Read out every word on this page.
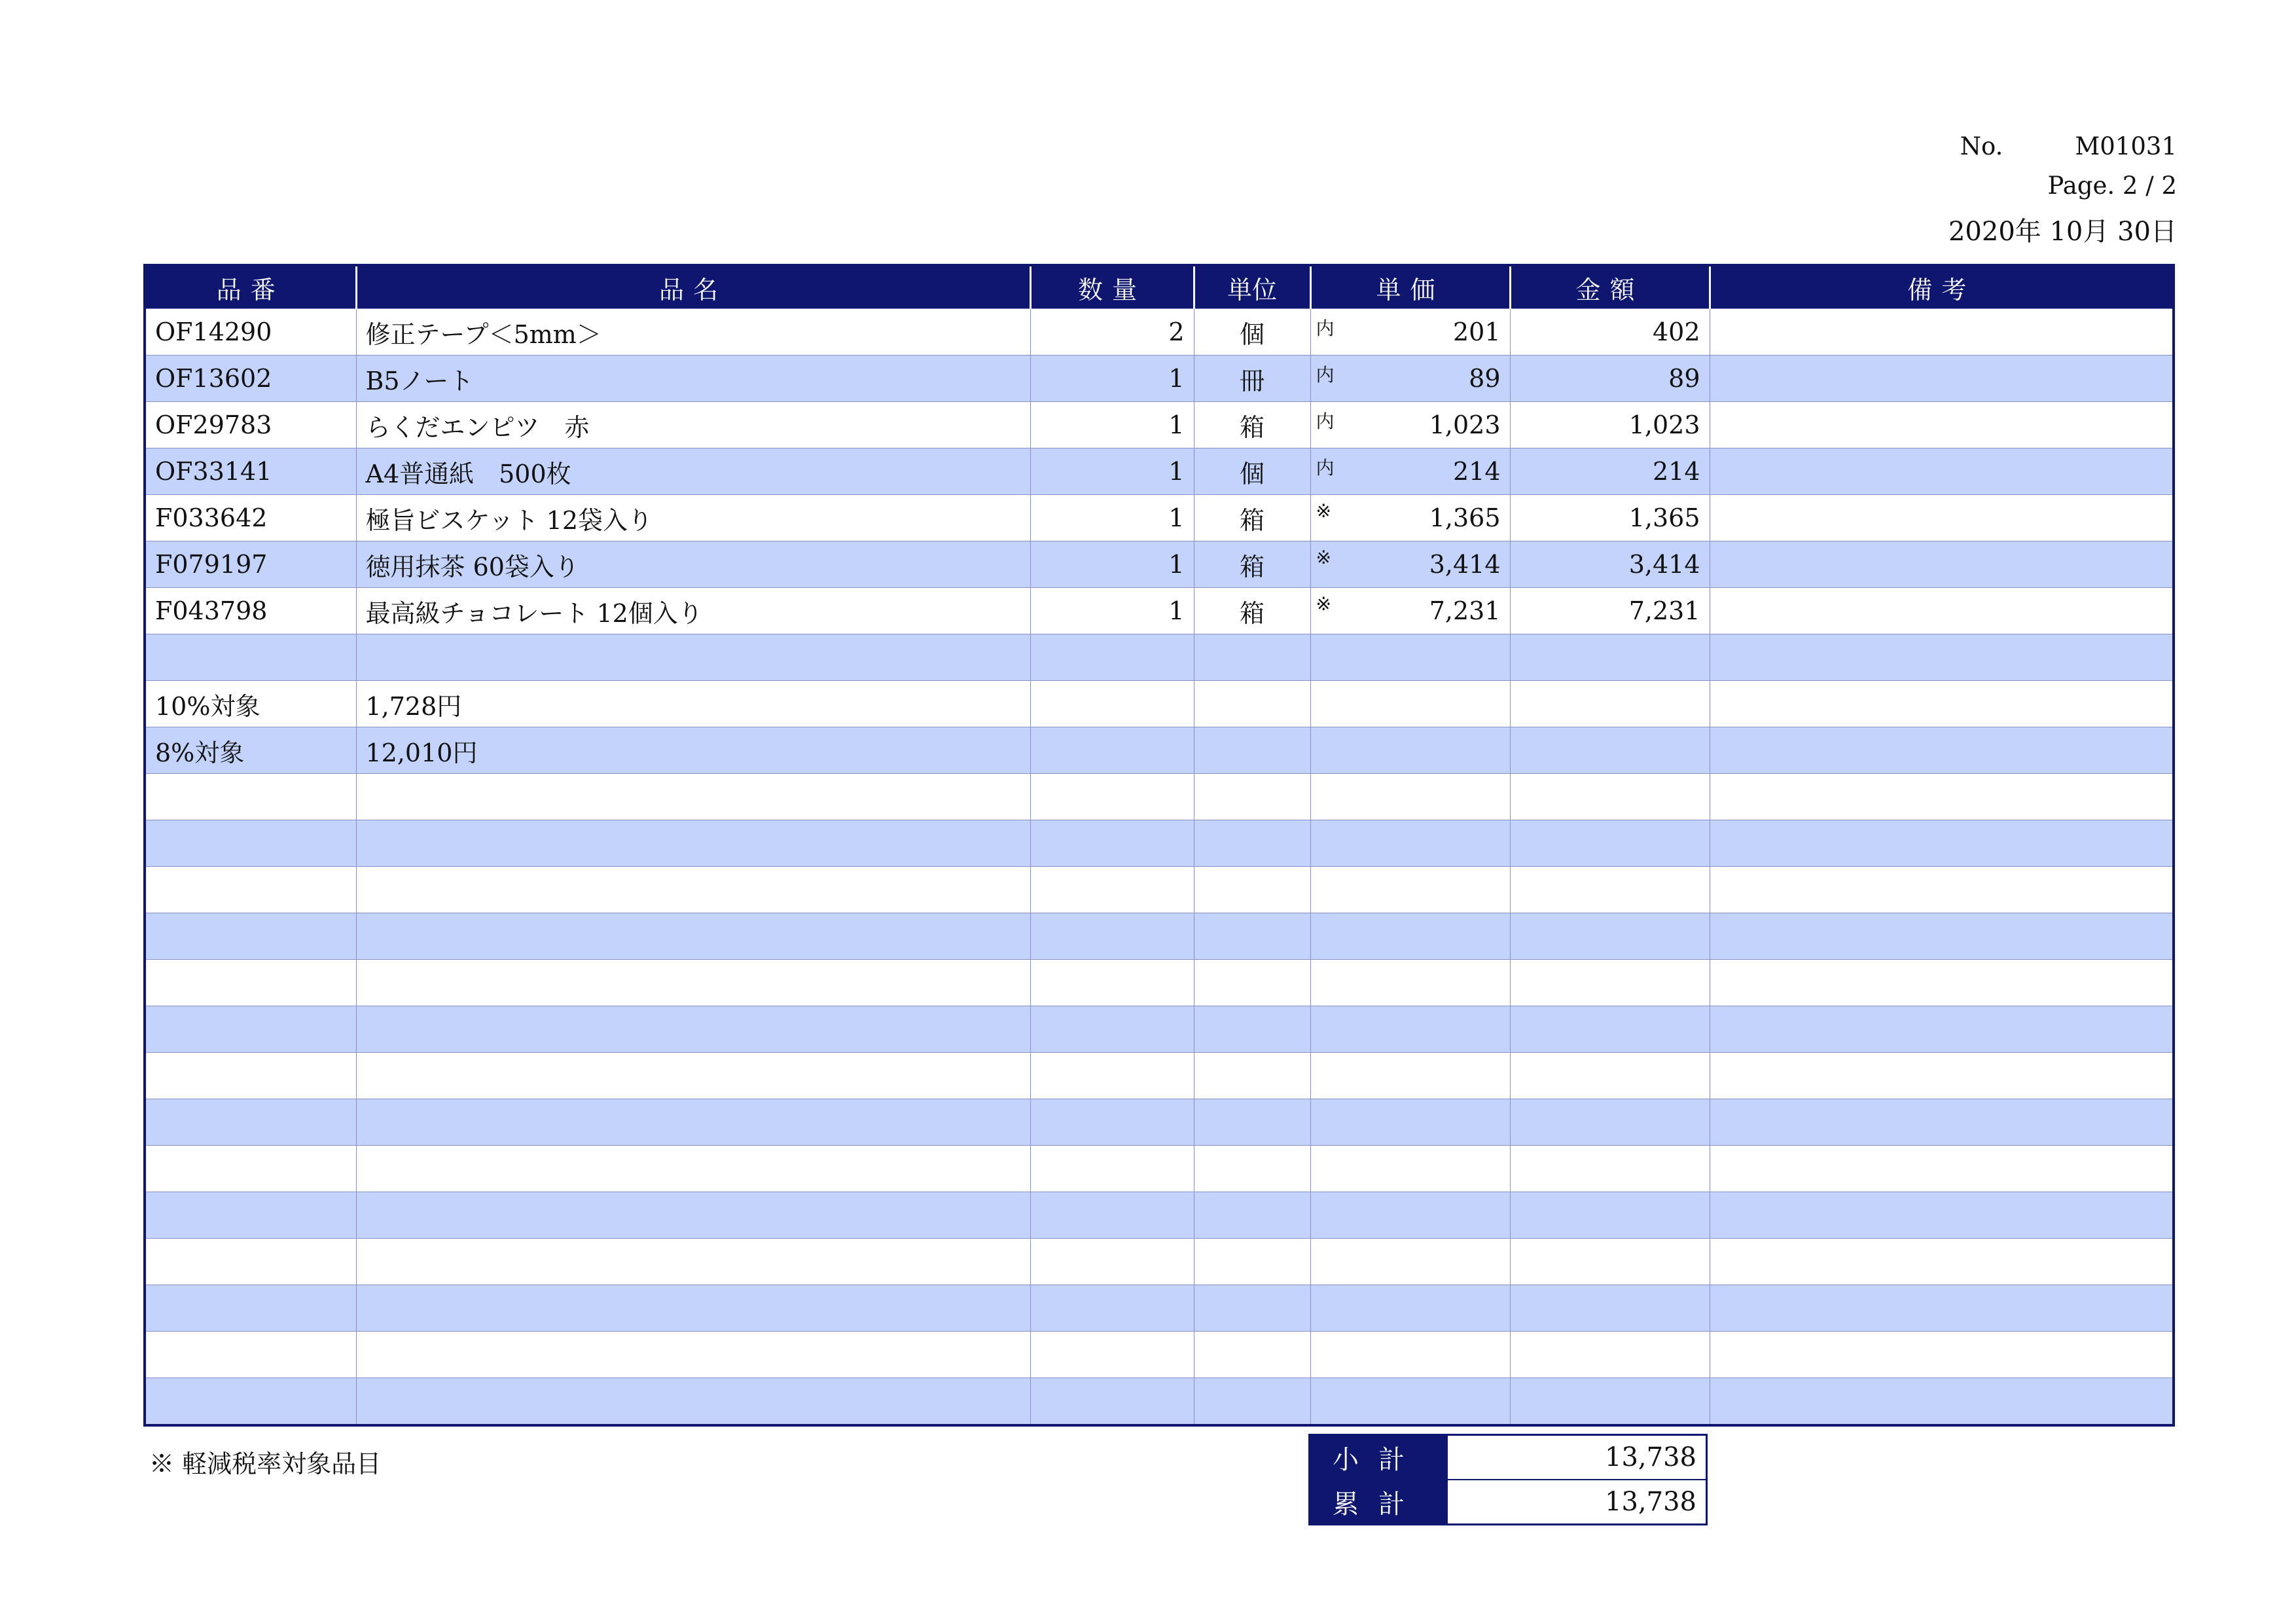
No.	M01031
Page. 2 / 2
2020年 10月 30日
品番	品名	数量	単位	単価	金額	備考
OF14290	修正テープ＜5mm＞	2	個	内 201	402	
OF13602	B5ノート	1	冊	内 89	89	
OF29783	らくだエンピツ　赤	1	箱	内 1,023	1,023	
OF33141	A4普通紙　500枚	1	個	内 214	214	
F033642	極旨ビスケット 12袋入り	1	箱	※ 1,365	1,365	
F079197	徳用抹茶 60袋入り	1	箱	※ 3,414	3,414	
F043798	最高級チョコレート 12個入り	1	箱	※ 7,231	7,231	

10%対象	1,728円			

8%対象	12,010円			

※ 軽減税率対象品目	小計	13,738
累計	13,738
